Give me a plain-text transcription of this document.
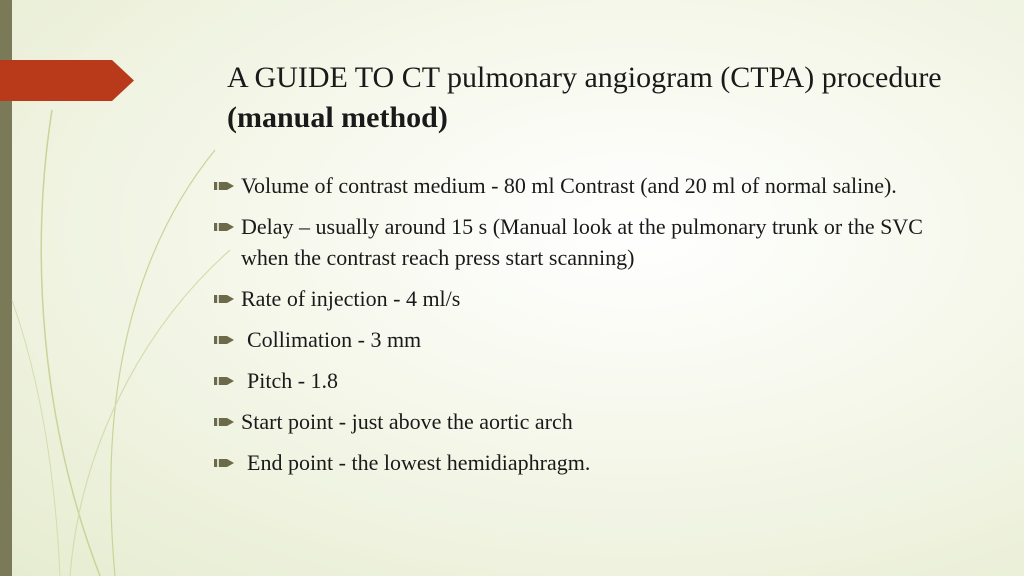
A GUIDE TO CT pulmonary angiogram (CTPA) procedure (manual method)
Volume of contrast medium - 80 ml Contrast (and 20 ml of normal saline).
Delay – usually around 15 s (Manual look at the pulmonary trunk or the SVC when the contrast reach press start scanning)
Rate of injection - 4 ml/s
Collimation - 3 mm
Pitch - 1.8
Start point - just above the aortic arch
End point - the lowest hemidiaphragm.
